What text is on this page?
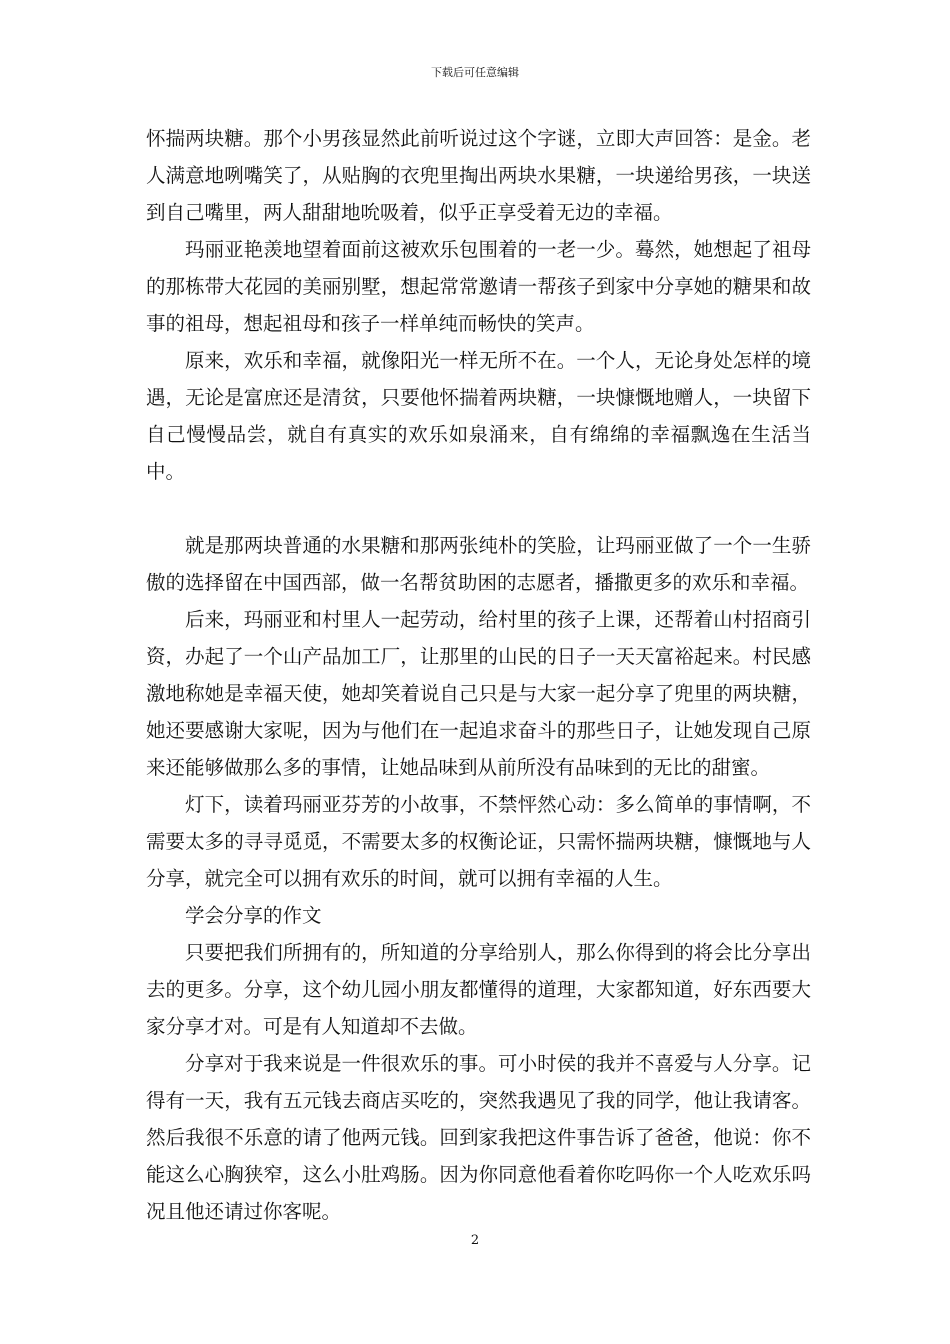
下载后可任意编辑

怀揣两块糖。那个小男孩显然此前听说过这个字谜，立即大声回答：是金。老人满意地咧嘴笑了，从贴胸的衣兜里掏出两块水果糖，一块递给男孩，一块送到自己嘴里，两人甜甜地吮吸着，似乎正享受着无边的幸福。

玛丽亚艳羡地望着面前这被欢乐包围着的一老一少。蓦然，她想起了祖母的那栋带大花园的美丽别墅，想起常常邀请一帮孩子到家中分享她的糖果和故事的祖母，想起祖母和孩子一样单纯而畅快的笑声。

原来，欢乐和幸福，就像阳光一样无所不在。一个人，无论身处怎样的境遇，无论是富庶还是清贫，只要他怀揣着两块糖，一块慷慨地赠人，一块留下自己慢慢品尝，就自有真实的欢乐如泉涌来，自有绵绵的幸福飘逸在生活当中。

就是那两块普通的水果糖和那两张纯朴的笑脸，让玛丽亚做了一个一生骄傲的选择留在中国西部，做一名帮贫助困的志愿者，播撒更多的欢乐和幸福。

后来，玛丽亚和村里人一起劳动，给村里的孩子上课，还帮着山村招商引资，办起了一个山产品加工厂，让那里的山民的日子一天天富裕起来。村民感激地称她是幸福天使，她却笑着说自己只是与大家一起分享了兜里的两块糖，她还要感谢大家呢，因为与他们在一起追求奋斗的那些日子，让她发现自己原来还能够做那么多的事情，让她品味到从前所没有品味到的无比的甜蜜。

灯下，读着玛丽亚芬芳的小故事，不禁怦然心动：多么简单的事情啊，不需要太多的寻寻觅觅，不需要太多的权衡论证，只需怀揣两块糖，慷慨地与人分享，就完全可以拥有欢乐的时间，就可以拥有幸福的人生。

学会分享的作文

只要把我们所拥有的，所知道的分享给别人，那么你得到的将会比分享出去的更多。分享，这个幼儿园小朋友都懂得的道理，大家都知道，好东西要大家分享才对。可是有人知道却不去做。

分享对于我来说是一件很欢乐的事。可小时侯的我并不喜爱与人分享。记得有一天，我有五元钱去商店买吃的，突然我遇见了我的同学，他让我请客。然后我很不乐意的请了他两元钱。回到家我把这件事告诉了爸爸，他说：你不能这么心胸狭窄，这么小肚鸡肠。因为你同意他看着你吃吗你一个人吃欢乐吗况且他还请过你客呢。

2
